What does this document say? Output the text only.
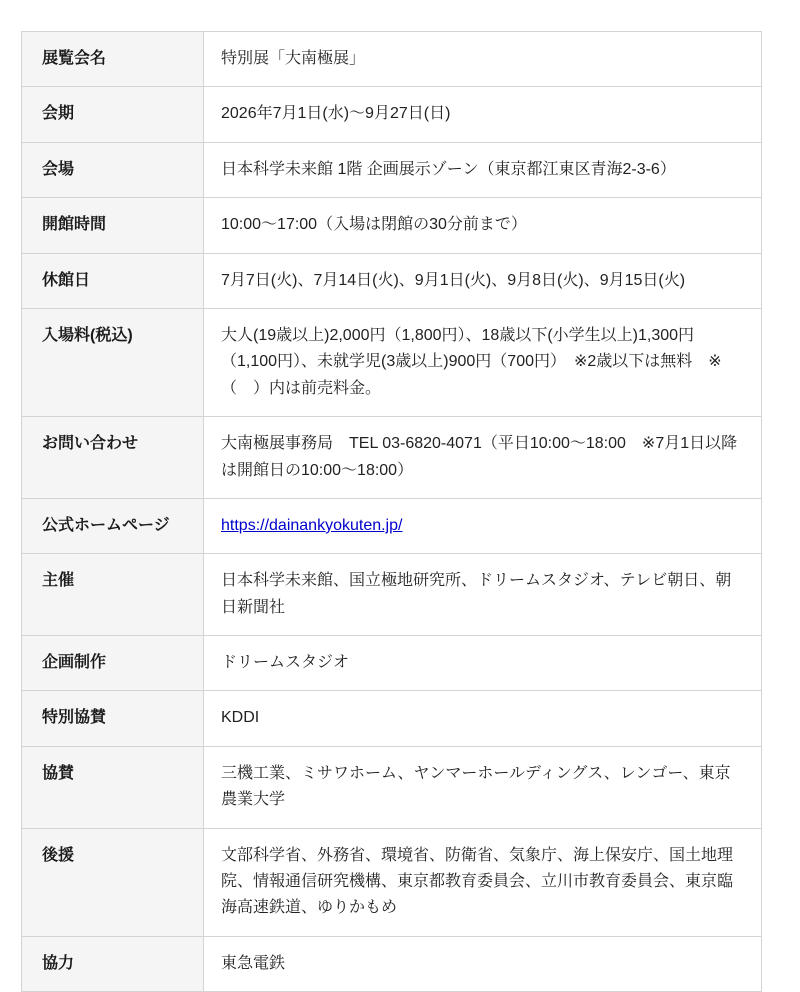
展覧会名	特別展「大南極展」
会期	2026年7月1日(水)〜9月27日(日)
会場	日本科学未来館 1階 企画展示ゾーン（東京都江東区青海2-3-6）
開館時間	10:00〜17:00（入場は閉館の30分前まで）
休館日	7月7日(火)、7月14日(火)、9月1日(火)、9月8日(火)、9月15日(火)
入場料(税込)	大人(19歳以上)2,000円（1,800円）、18歳以下(小学生以上)1,300円（1,100円）、未就学児(3歳以上)900円（700円）　※2歳以下は無料　※（　）内は前売料金。
お問い合わせ	大南極展事務局　TEL 03-6820-4071（平日10:00〜18:00　※7月1日以降は開館日の10:00〜18:00）
公式ホームページ	https://dainankyokuten.jp/
主催	日本科学未来館、国立極地研究所、ドリームスタジオ、テレビ朝日、朝日新聞社
企画制作	ドリームスタジオ
特別協賛	KDDI
協賛	三機工業、ミサワホーム、ヤンマーホールディングス、レンゴー、東京農業大学
後援	文部科学省、外務省、環境省、防衛省、気象庁、海上保安庁、国土地理院、情報通信研究機構、東京都教育委員会、立川市教育委員会、東京臨海高速鉄道、ゆりかもめ
協力	東急電鉄
